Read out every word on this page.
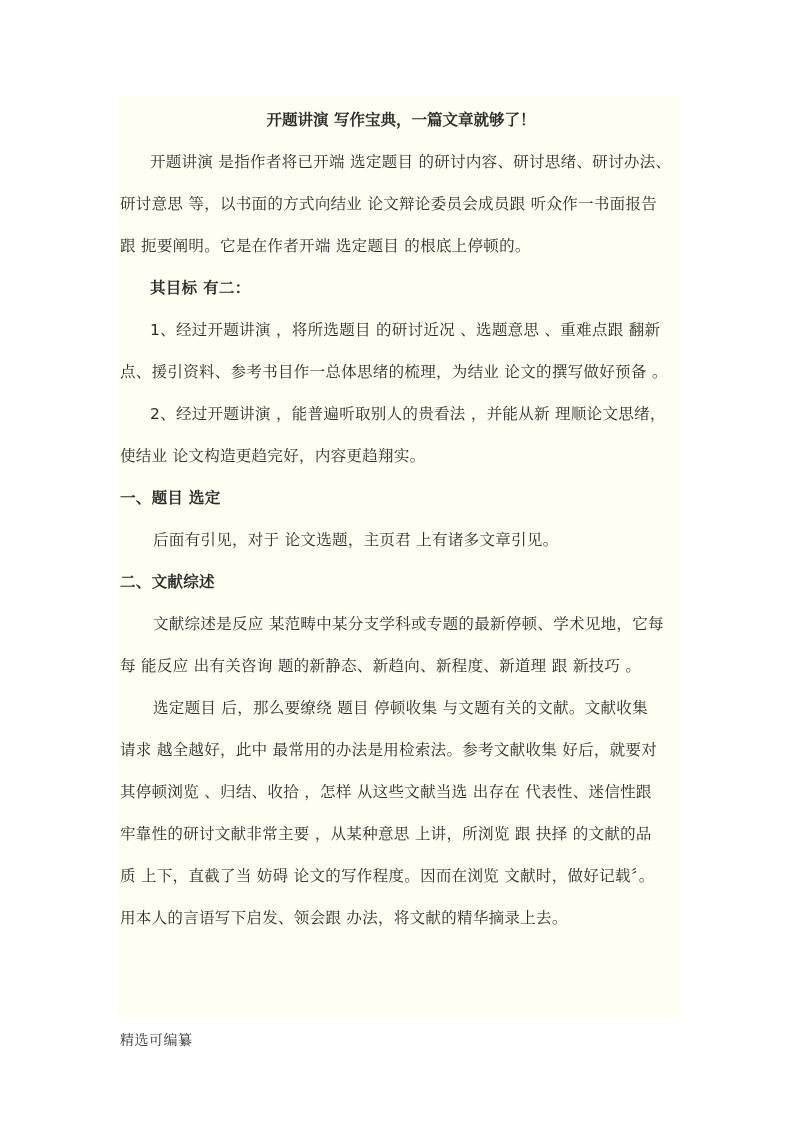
开题讲演 写作宝典，一篇文章就够了！
开题讲演 是指作者将已开端 选定题目 的研讨内容、研讨思绪、研讨办法、
研讨意思 等，以书面的方式向结业 论文辩论委员会成员跟 听众作一书面报告
跟 扼要阐明。它是在作者开端 选定题目 的根底上停顿的。
其目标 有二：
1、经过开题讲演 ，将所选题目 的研讨近况 、选题意思 、重难点跟 翻新
点、援引资料、参考书目作一总体思绪的梳理，为结业 论文的撰写做好预备 。
2、经过开题讲演 ，能普遍听取别人的贵看法 ，并能从新 理顺论文思绪，
使结业 论文构造更趋完好，内容更趋翔实。
一、题目 选定
后面有引见，对于 论文选题，主页君 上有诸多文章引见。
二、文献综述
文献综述是反应 某范畴中某分支学科或专题的最新停顿、学术见地，它每
每 能反应 出有关咨询 题的新静态、新趋向、新程度、新道理 跟 新技巧 。
选定题目 后，那么要缭绕 题目 停顿收集 与文题有关的文献。文献收集
请求 越全越好，此中 最常用的办法是用检索法。参考文献收集 好后，就要对
其停顿浏览 、归结、收拾 ，怎样 从这些文献当选 出存在 代表性、迷信性跟
牢靠性的研讨文献非常主要 ，从某种意思 上讲，所浏览 跟 抉择 的文献的品
质 上下，直截了当 妨碍 论文的写作程度。因而在浏览 文献时，做好记载〞。
用本人的言语写下启发、领会跟 办法，将文献的精华摘录上去。
精选可编纂
